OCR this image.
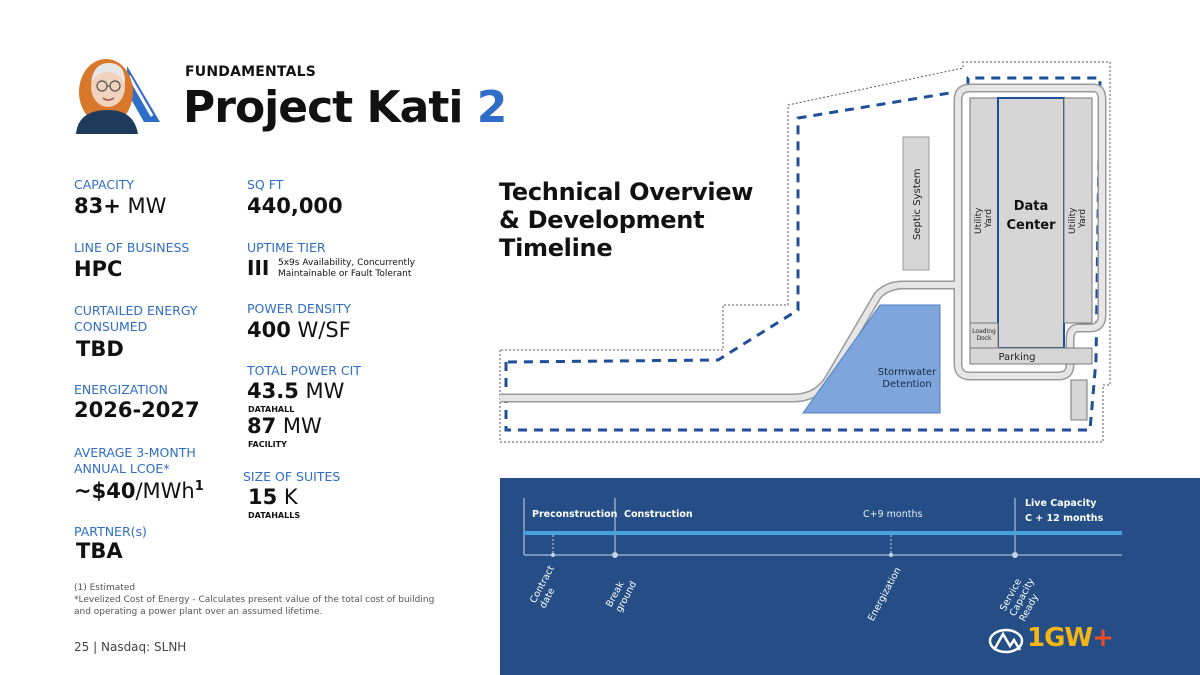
FUNDAMENTALS
Project Kati 2
CAPACITY
83+ MW
LINE OF BUSINESS
HPC
CURTAILED ENERGY
CONSUMED
TBD
ENERGIZATION
2026-2027
AVERAGE 3-MONTH
ANNUAL LCOE*
~$40/MWh$^1$
PARTNER(s)
TBA
SQ FT
440,000
UPTIME TIER
III 5x9s Availability, Concurrently
Maintainable or Fault Tolerant
POWER DENSITY
400 W/SF
TOTAL POWER CIT
43.5 MW
DATAHALL
87 MW
FACILITY
SIZE OF SUITES
15 K
DATAHALLS
(1) Estimated
*Levelized Cost of Energy - Calculates present value of the total cost of building and operating a power plant over an assumed lifetime.
25 | Nasdaq: SLNH
Septic System	Utility Yard	Utility Yard
Data
Center
Loading
Dock
Parking
Stormwater
Detention
Technical Overview
& Development
Timeline
Preconstruction Construction	C+9 months
Live Capacity
C + 12 months
Contract
date	Break
ground	Energization	Service
Capacity
Ready
1GW+
